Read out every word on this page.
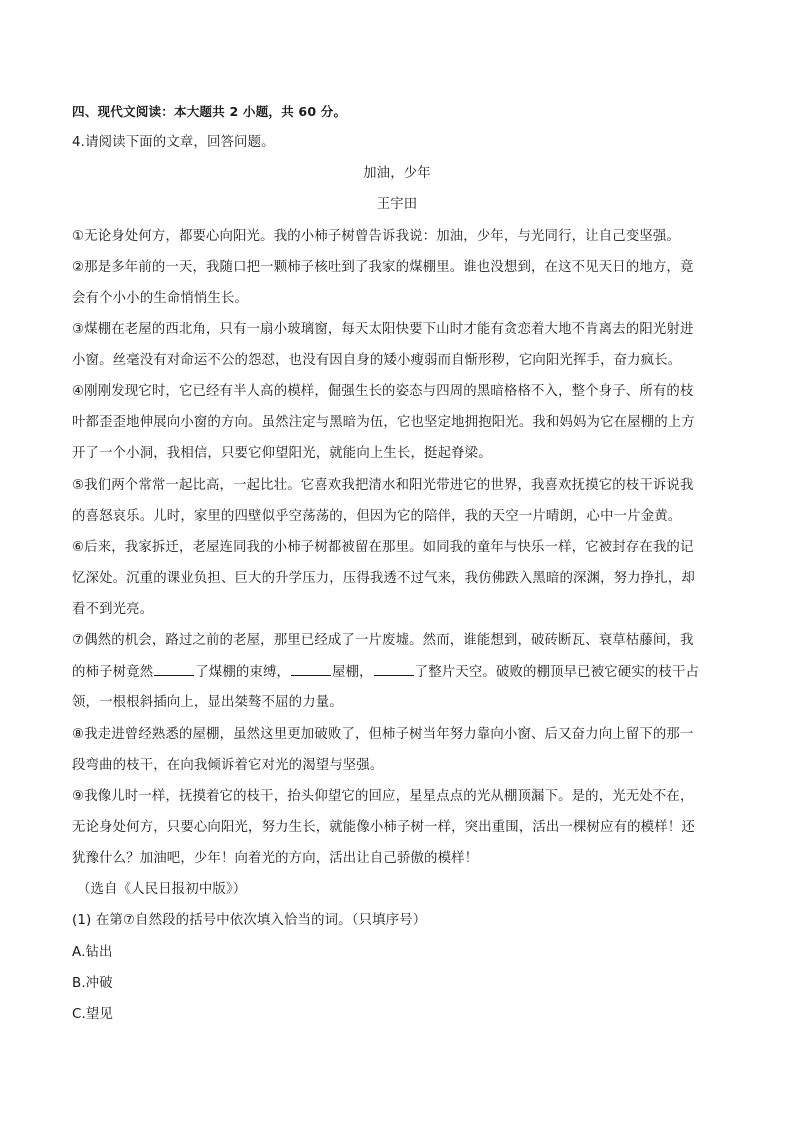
四、现代文阅读：本大题共 2 小题，共 60 分。
4.请阅读下面的文章，回答问题。
加油，少年
王宇田
①无论身处何方，都要心向阳光。我的小柿子树曾告诉我说：加油，少年，与光同行，让自己变坚强。
②那是多年前的一天，我随口把一颗柿子核吐到了我家的煤棚里。谁也没想到，在这不见天日的地方，竟
会有个小小的生命悄悄生长。
③煤棚在老屋的西北角，只有一扇小玻璃窗，每天太阳快要下山时才能有贪恋着大地不肯离去的阳光射进
小窗。丝毫没有对命运不公的怨怼，也没有因自身的矮小瘦弱而自惭形秽，它向阳光挥手，奋力疯长。
④刚刚发现它时，它已经有半人高的模样，倔强生长的姿态与四周的黑暗格格不入，整个身子、所有的枝
叶都歪歪地伸展向小窗的方向。虽然注定与黑暗为伍，它也坚定地拥抱阳光。我和妈妈为它在屋棚的上方
开了一个小洞，我相信，只要它仰望阳光，就能向上生长，挺起脊梁。
⑤我们两个常常一起比高，一起比壮。它喜欢我把清水和阳光带进它的世界，我喜欢抚摸它的枝干诉说我
的喜怒哀乐。儿时，家里的四壁似乎空荡荡的，但因为它的陪伴，我的天空一片晴朗，心中一片金黄。
⑥后来，我家拆迁，老屋连同我的小柿子树都被留在那里。如同我的童年与快乐一样，它被封存在我的记
忆深处。沉重的课业负担、巨大的升学压力，压得我透不过气来，我仿佛跌入黑暗的深渊，努力挣扎，却
看不到光亮。
⑦偶然的机会，路过之前的老屋，那里已经成了一片废墟。然而，谁能想到，破砖断瓦、衰草枯藤间，我
的柿子树竟然	了煤棚的束缚，	屋棚，	了整片天空。破败的棚顶早已被它硬实的枝干占
领，一根根斜插向上，显出桀骜不屈的力量。
⑧我走进曾经熟悉的屋棚，虽然这里更加破败了，但柿子树当年努力靠向小窗、后又奋力向上留下的那一
段弯曲的枝干，在向我倾诉着它对光的渴望与坚强。
⑨我像儿时一样，抚摸着它的枝干，抬头仰望它的回应，星星点点的光从棚顶漏下。是的，光无处不在，
无论身处何方，只要心向阳光，努力生长，就能像小柿子树一样，突出重围，活出一棵树应有的模样！还
犹豫什么？加油吧，少年！向着光的方向，活出让自己骄傲的模样！
（选自《人民日报初中版》）
(1) 在第⑦自然段的括号中依次填入恰当的词。（只填序号）
A.钻出
B.冲破
C.望见
